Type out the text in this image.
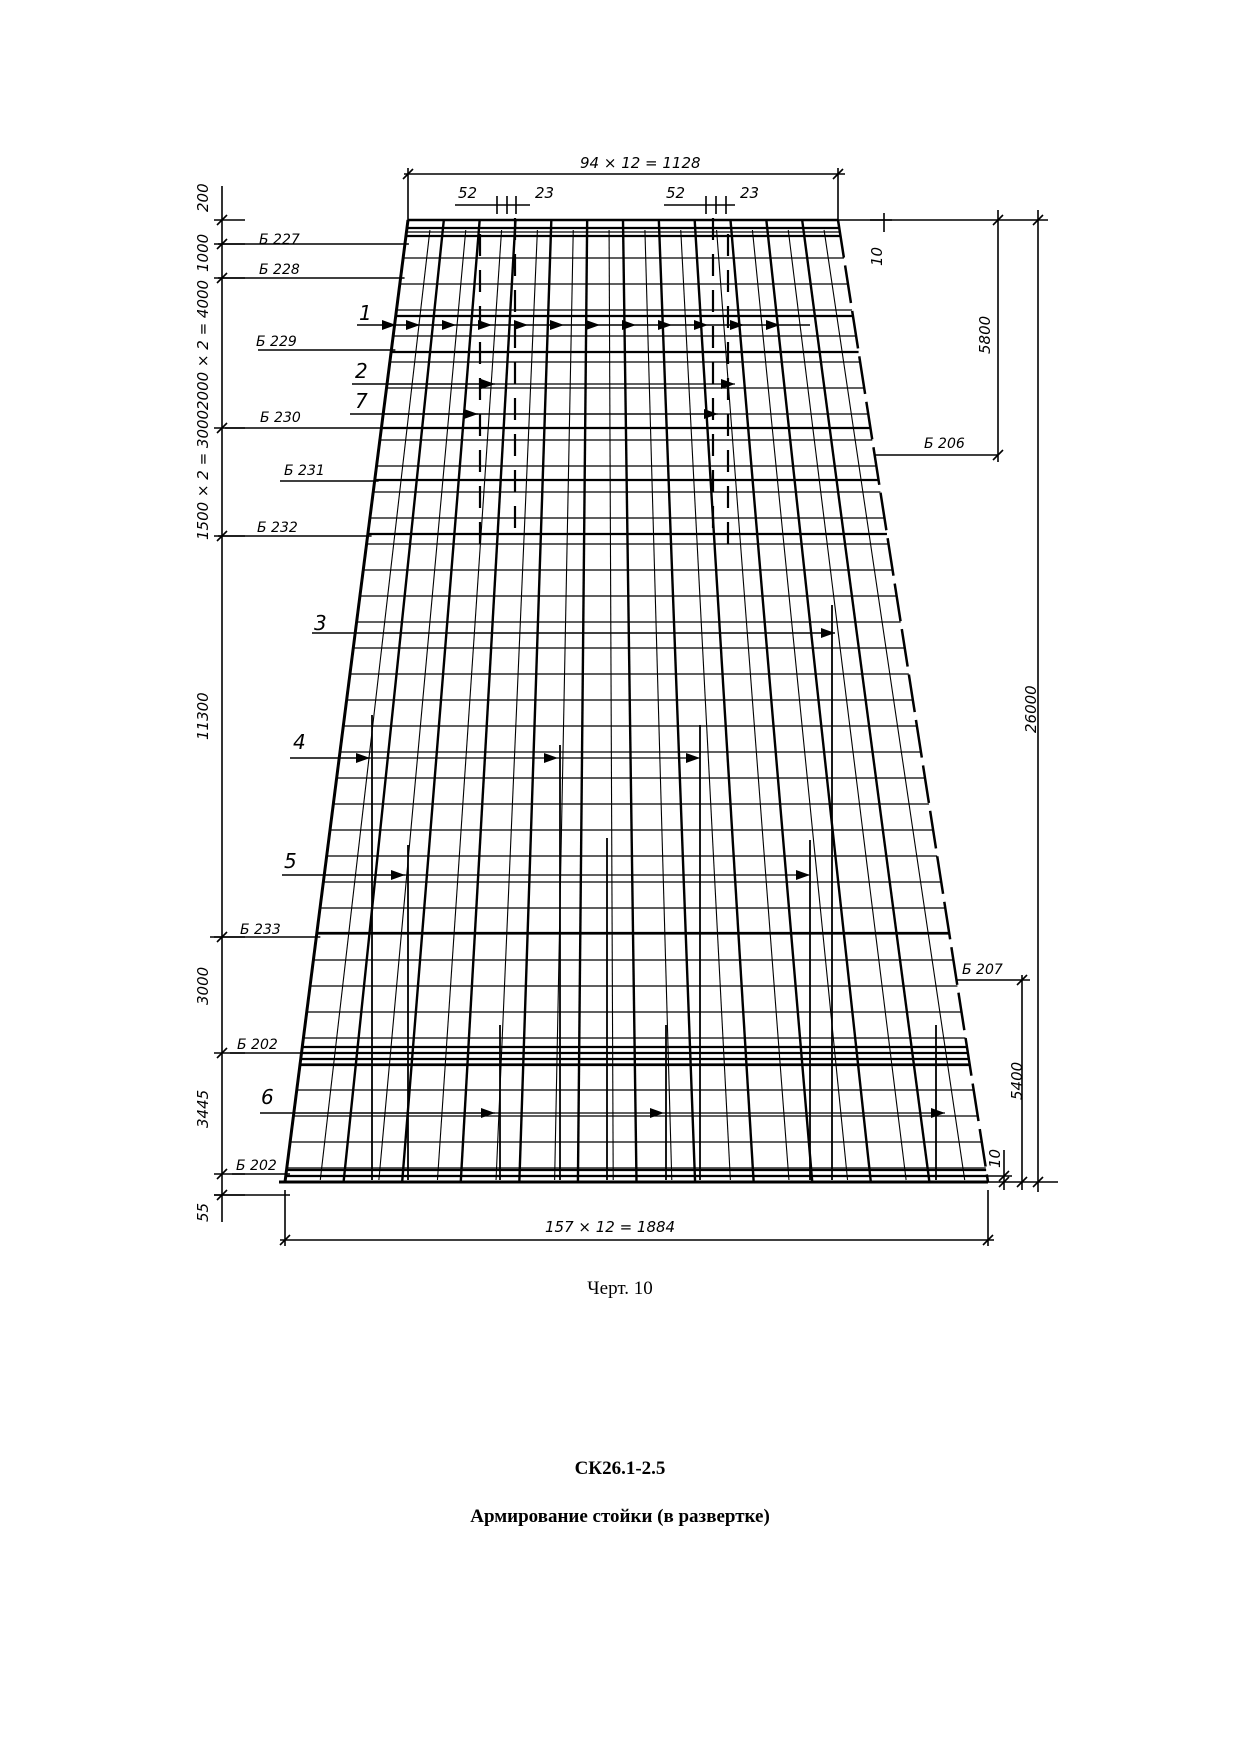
94 × 12 = 1128
157 × 12 = 1884
52	23	52	23
200
1000
2000 × 2 = 4000
1500 × 2 = 3000
11300
3000
3445
55
10
5800
26000
5400
10
Б 227
Б 228
Б 229
Б 230
Б 231
Б 232
Б 233
Б 202
Б 202
Б 206
Б 207
1
2
7
3
4
5
6
Черт. 10
СК26.1-2.5
Армирование стойки (в развертке)
